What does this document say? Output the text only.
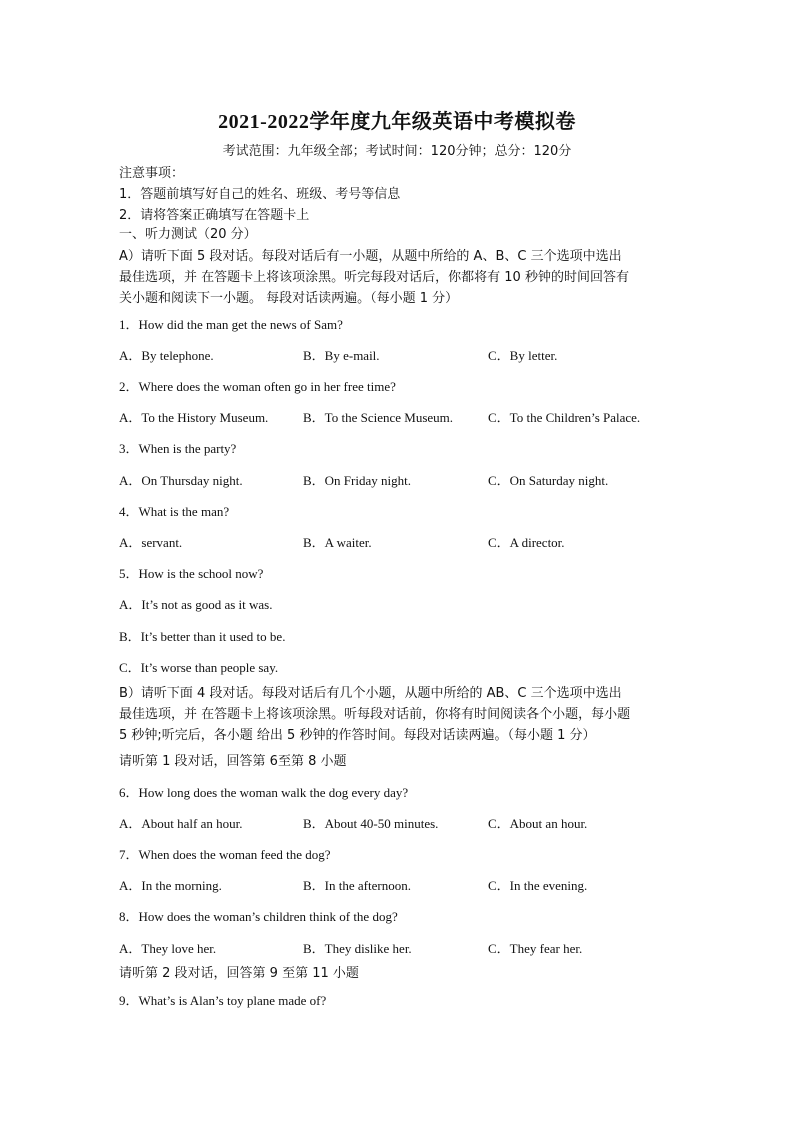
2021-2022学年度九年级英语中考模拟卷
考试范围：九年级全部；考试时间：120分钟；总分：120分
注意事项：
1．答题前填写好自己的姓名、班级、考号等信息
2．请将答案正确填写在答题卡上
一、听力测试（20 分）
A）请听下面 5 段对话。每段对话后有一小题，从题中所给的 A、B、C 三个选项中选出
最佳选项，并 在答题卡上将该项涂黑。听完每段对话后，你都将有 10 秒钟的时间回答有
关小题和阅读下一小题。 每段对话读两遍。（每小题 1 分）
1．How did the man get the news of Sam?
A．By telephone.	B．By e-mail.	C．By letter.
2．Where does the woman often go in her free time?
A．To the History Museum.	B．To the Science Museum.	C．To the Children’s Palace.
3．When is the party?
A．On Thursday night.	B．On Friday night.	C．On Saturday night.
4．What is the man?
A．servant.	B．A waiter.	C．A director.
5．How is the school now?
A．It’s not as good as it was.
B．It’s better than it used to be.
C．It’s worse than people say.
B）请听下面 4 段对话。每段对话后有几个小题，从题中所给的 AB、C 三个选项中选出
最佳选项，并 在答题卡上将该项涂黑。听每段对话前，你将有时间阅读各个小题，每小题
5 秒钟;听完后，各小题 给出 5 秒钟的作答时间。每段对话读两遍。（每小题 1 分）
请听第 1 段对话，回答第 6至第 8 小题
6．How long does the woman walk the dog every day?
A．About half an hour.	B．About 40-50 minutes.	C．About an hour.
7．When does the woman feed the dog?
A．In the morning.	B．In the afternoon.	C．In the evening.
8．How does the woman’s children think of the dog?
A．They love her.	B．They dislike her.	C．They fear her.
请听第 2 段对话，回答第 9 至第 11 小题
9．What’s is Alan’s toy plane made of?
